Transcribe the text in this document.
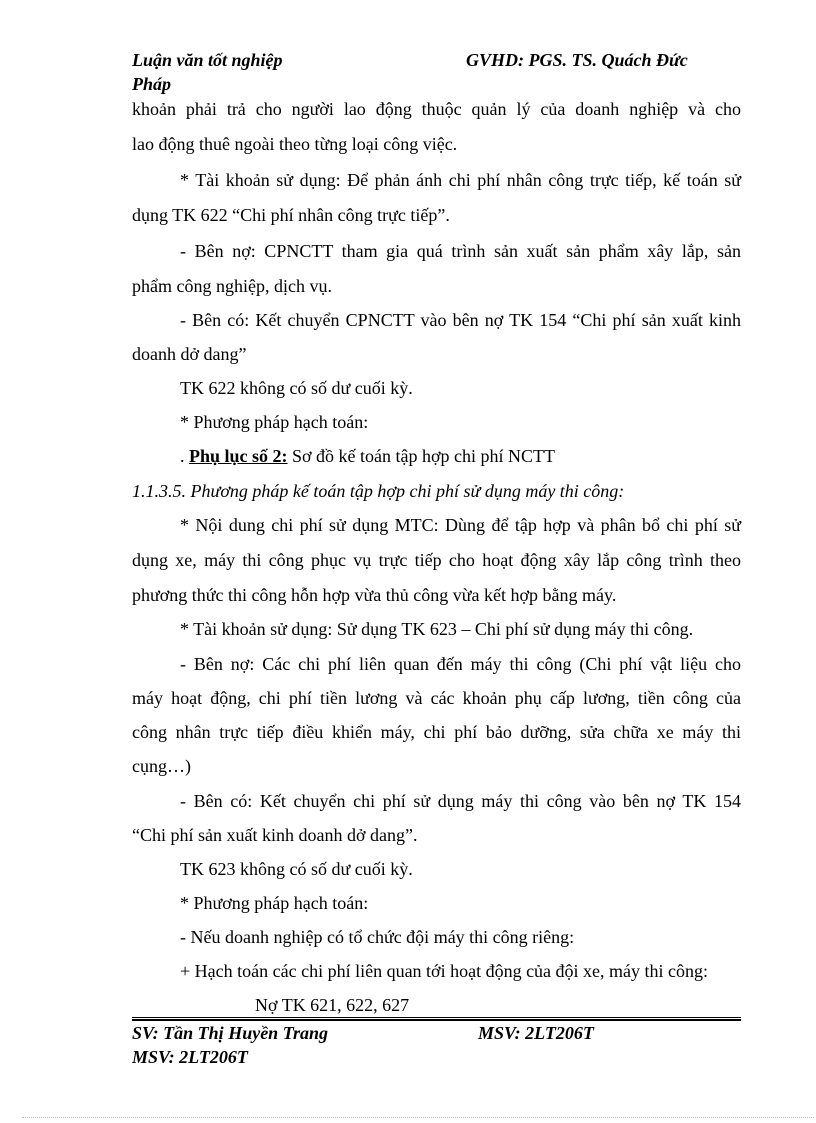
Luận văn tốt nghiệp	GVHD: PGS. TS. Quách Đức
Pháp
khoản phải trả cho người lao động thuộc quản lý của doanh nghiệp và cho
lao động thuê ngoài theo từng loại công việc.
* Tài khoản sử dụng: Để phản ánh chi phí nhân công trực tiếp, kế toán sử
dụng TK 622 “Chi phí nhân công trực tiếp”.
- Bên nợ: CPNCTT tham gia quá trình sản xuất sản phẩm xây lắp, sản
phẩm công nghiệp, dịch vụ.
- Bên có: Kết chuyển CPNCTT vào bên nợ TK 154 “Chi phí sản xuất kinh
doanh dở dang”
TK 622 không có số dư cuối kỳ.
* Phương pháp hạch toán:
. Phụ lục số 2: Sơ đồ kế toán tập hợp chi phí NCTT
1.1.3.5. Phương pháp kế toán tập hợp chi phí sử dụng máy thi công:
* Nội dung chi phí sử dụng MTC: Dùng để tập hợp và phân bổ chi phí sử
dụng xe, máy thi công phục vụ trực tiếp cho hoạt động xây lắp công trình theo
phương thức thi công hỗn hợp vừa thủ công vừa kết hợp bằng máy.
* Tài khoản sử dụng: Sử dụng TK 623 – Chi phí sử dụng máy thi công.
- Bên nợ: Các chi phí liên quan đến máy thi công (Chi phí vật liệu cho
máy hoạt động, chi phí tiền lương và các khoản phụ cấp lương, tiền công của
công nhân trực tiếp điều khiển máy, chi phí bảo dưỡng, sửa chữa xe máy thi
cụng…)
- Bên có: Kết chuyển chi phí sử dụng máy thi công vào bên nợ TK 154
“Chi phí sản xuất kinh doanh dở dang”.
TK 623 không có số dư cuối kỳ.
* Phương pháp hạch toán:
- Nếu doanh nghiệp có tổ chức đội máy thi công riêng:
+ Hạch toán các chi phí liên quan tới hoạt động của đội xe, máy thi công:
Nợ TK 621, 622, 627
SV: Tần Thị Huyền Trang	MSV: 2LT206T
MSV: 2LT206T
